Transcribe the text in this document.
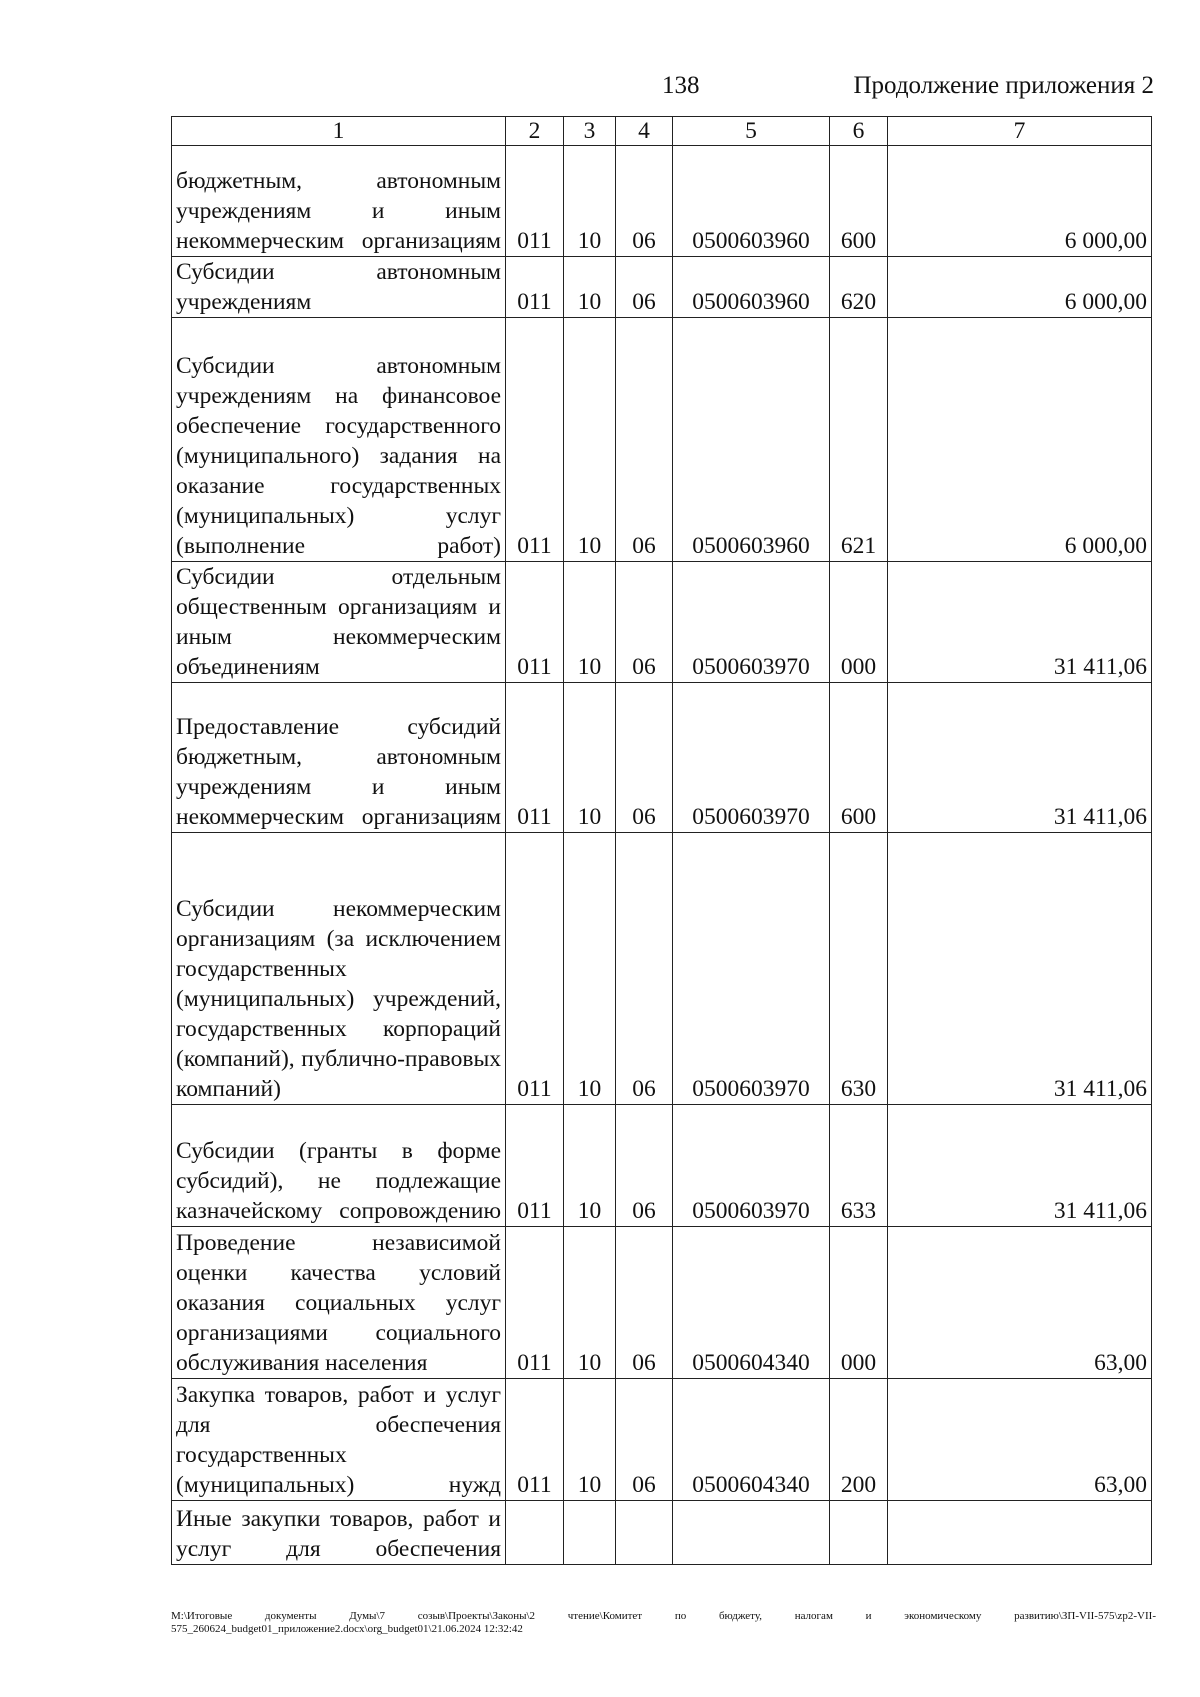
138	Продолжение приложения 2
1	2	3	4	5	6	7
бюджетным, автономным учреждениям и иным некоммерческим организациям	011	10	06	0500603960	600	6 000,00
Субсидии автономным учреждениям	011	10	06	0500603960	620	6 000,00
Субсидии автономным учреждениям на финансовое обеспечение государственного (муниципального) задания на оказание государственных (муниципальных) услуг (выполнение работ)	011	10	06	0500603960	621	6 000,00
Субсидии отдельным общественным организациям и иным некоммерческим объединениям	011	10	06	0500603970	000	31 411,06
Предоставление субсидий бюджетным, автономным учреждениям и иным некоммерческим организациям	011	10	06	0500603970	600	31 411,06
Субсидии некоммерческим организациям (за исключением государственных (муниципальных) учреждений, государственных корпораций (компаний), публично-правовых компаний)	011	10	06	0500603970	630	31 411,06
Субсидии (гранты в форме субсидий), не подлежащие казначейскому сопровождению	011	10	06	0500603970	633	31 411,06
Проведение независимой оценки качества условий оказания социальных услуг организациями социального обслуживания населения	011	10	06	0500604340	000	63,00
Закупка товаров, работ и услуг для обеспечения государственных (муниципальных) нужд	011	10	06	0500604340	200	63,00
Иные закупки товаров, работ и услуг для обеспечения						
M:\Итоговые документы Думы\7 созыв\Проекты\Законы\2 чтение\Комитет по бюджету, налогам и экономическому развитию\ЗП-VII-575\zp2-VII-575_260624_budget01_приложение2.docx\org_budget01\21.06.2024 12:32:42
